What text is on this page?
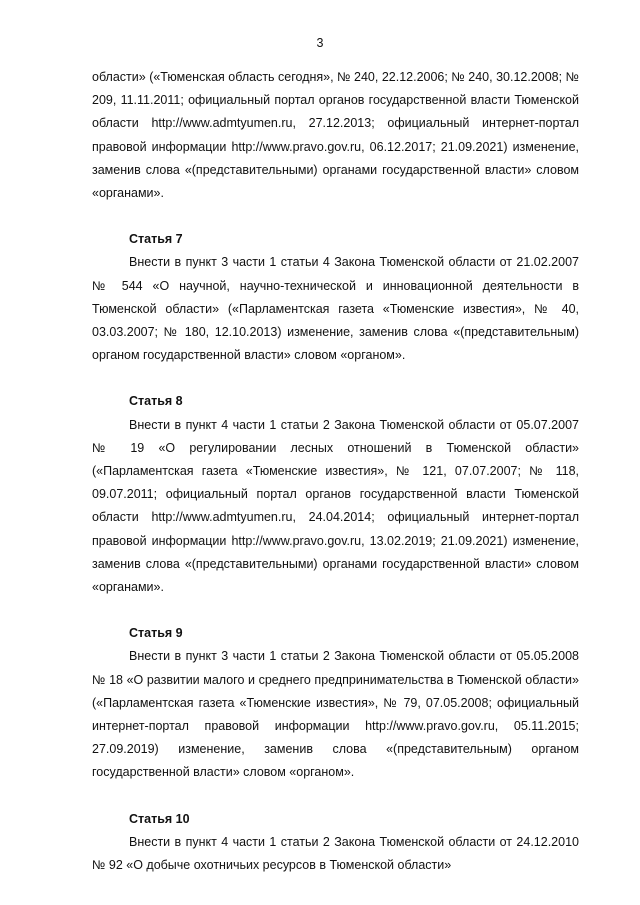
3

области» («Тюменская область сегодня», № 240, 22.12.2006; № 240, 30.12.2008; № 209, 11.11.2011; официальный портал органов государственной власти Тюменской области http://www.admtyumen.ru, 27.12.2013; официальный интернет-портал правовой информации http://www.pravo.gov.ru, 06.12.2017; 21.09.2021) изменение, заменив слова «(представительными) органами государственной власти» словом «органами».

Статья 7

Внести в пункт 3 части 1 статьи 4 Закона Тюменской области от 21.02.2007 № 544 «О научной, научно-технической и инновационной деятельности в Тюменской области» («Парламентская газета «Тюменские известия», № 40, 03.03.2007; № 180, 12.10.2013) изменение, заменив слова «(представительным) органом государственной власти» словом «органом».

Статья 8

Внести в пункт 4 части 1 статьи 2 Закона Тюменской области от 05.07.2007 № 19 «О регулировании лесных отношений в Тюменской области» («Парламентская газета «Тюменские известия», № 121, 07.07.2007; № 118, 09.07.2011; официальный портал органов государственной власти Тюменской области http://www.admtyumen.ru, 24.04.2014; официальный интернет-портал правовой информации http://www.pravo.gov.ru, 13.02.2019; 21.09.2021) изменение, заменив слова «(представительными) органами государственной власти» словом «органами».

Статья 9

Внести в пункт 3 части 1 статьи 2 Закона Тюменской области от 05.05.2008 № 18 «О развитии малого и среднего предпринимательства в Тюменской области» («Парламентская газета «Тюменские известия», № 79, 07.05.2008; официальный интернет-портал правовой информации http://www.pravo.gov.ru, 05.11.2015; 27.09.2019) изменение, заменив слова «(представительным) органом государственной власти» словом «органом».

Статья 10

Внести в пункт 4 части 1 статьи 2 Закона Тюменской области от 24.12.2010 № 92 «О добыче охотничьих ресурсов в Тюменской области»
